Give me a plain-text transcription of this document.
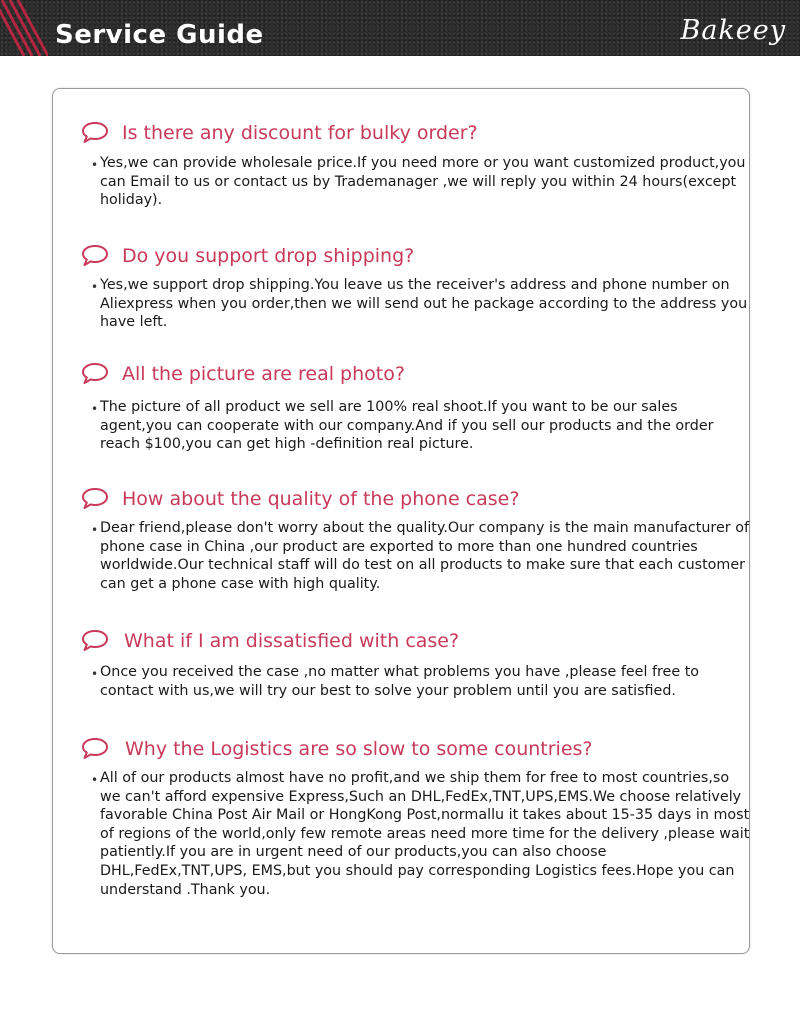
Service Guide	Bakeey
Is there any discount for bulky order?
• Yes,we can provide wholesale price.If you need more or you want customized product,you can Email to us or contact us by Trademanager ,we will reply you within 24 hours(except holiday).
Do you support drop shipping?
• Yes,we support drop shipping.You leave us the receiver's address and phone number on Aliexpress when you order,then we will send out he package according to the address you have left.
All the picture are real photo?
• The picture of all product we sell are 100% real shoot.If you want to be our sales agent,you can cooperate with our company.And if you sell our products and the order reach $100,you can get high -definition real picture.
How about the quality of the phone case?
• Dear friend,please don't worry about the quality.Our company is the main manufacturer of phone case in China ,our product are exported to more than one hundred countries worldwide.Our technical staff will do test on all products to make sure that each customer can get a phone case with high quality.
What if I am dissatisfied with case?
• Once you received the case ,no matter what problems you have ,please feel free to contact with us,we will try our best to solve your problem until you are satisfied.
Why the Logistics are so slow to some countries?
• All of our products almost have no profit,and we ship them for free to most countries,so we can't afford expensive Express,Such an DHL,FedEx,TNT,UPS,EMS.We choose relatively favorable China Post Air Mail or HongKong Post,normallu it takes about 15-35 days in most of regions of the world,only few remote areas need more time for the delivery ,please wait patiently.If you are in urgent need of our products,you can also choose DHL,FedEx,TNT,UPS, EMS,but you should pay corresponding Logistics fees.Hope you can understand .Thank you.
